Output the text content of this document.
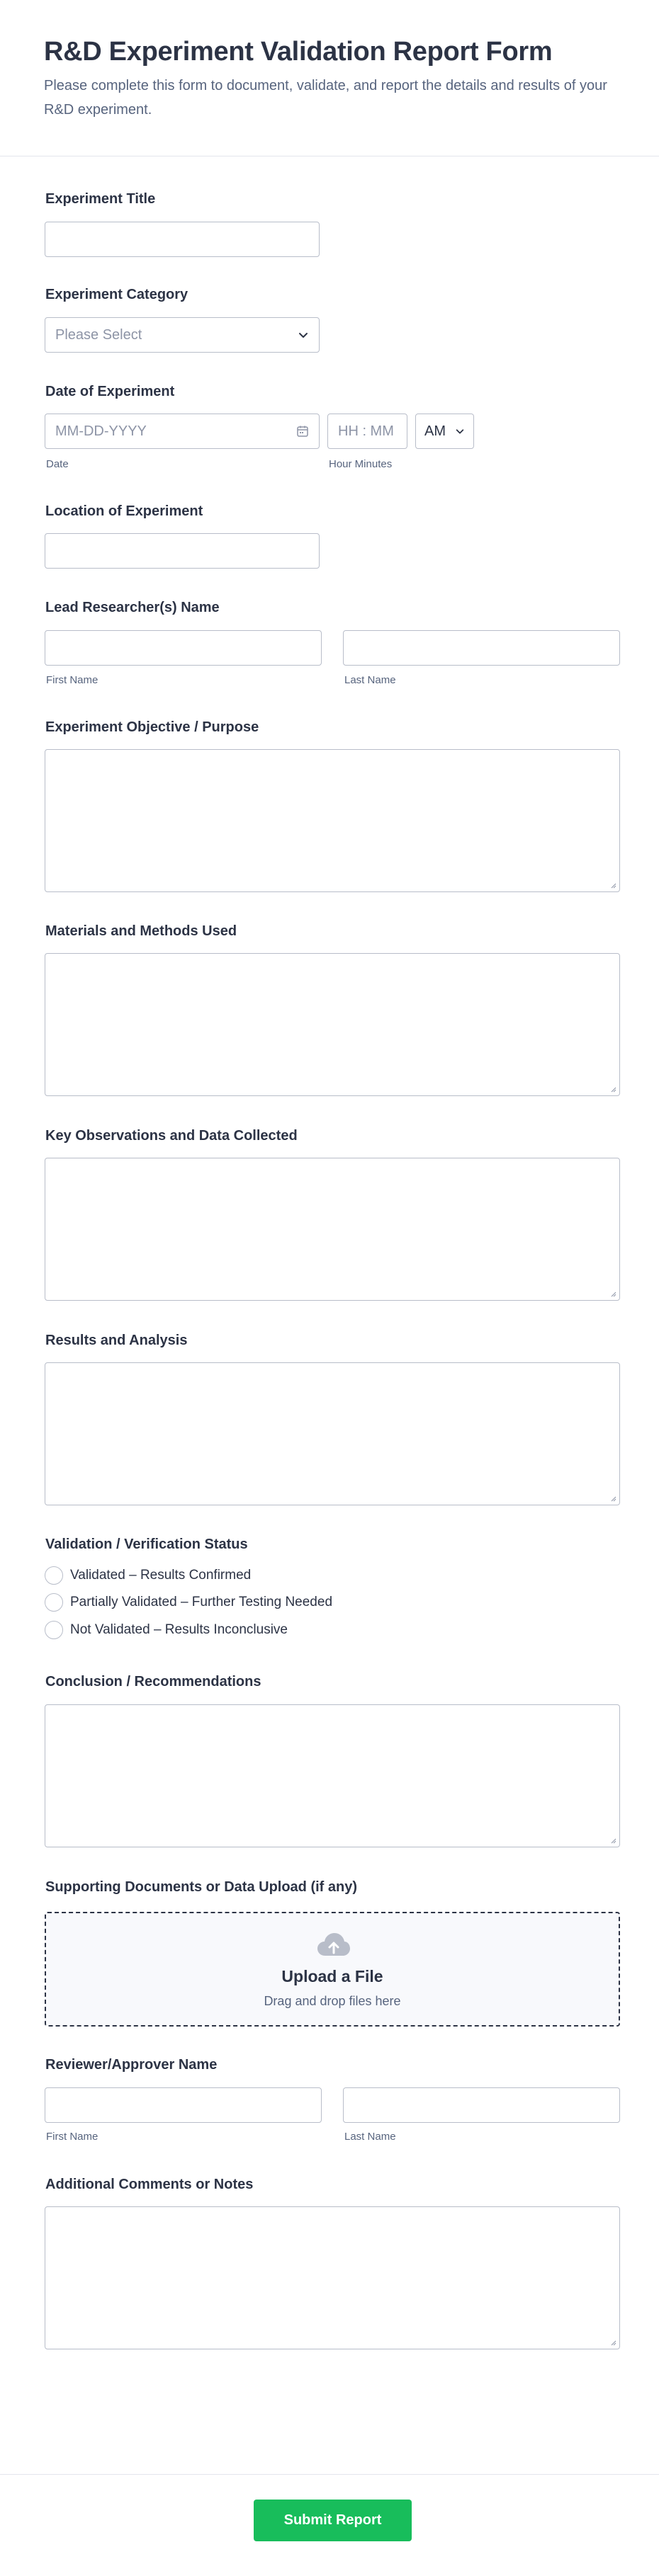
R&D Experiment Validation Report Form
Please complete this form to document, validate, and report the details and results of your R&D experiment.
Experiment Title
Experiment Category
Please Select
Date of Experiment
MM-DD-YYYY
Date
HH : MM
Hour Minutes
AM
Location of Experiment
Lead Researcher(s) Name
First Name	Last Name
Experiment Objective / Purpose
Materials and Methods Used
Key Observations and Data Collected
Results and Analysis
Validation / Verification Status
Validated – Results Confirmed
Partially Validated – Further Testing Needed
Not Validated – Results Inconclusive
Conclusion / Recommendations
Supporting Documents or Data Upload (if any)
Upload a File
Drag and drop files here
Reviewer/Approver Name
First Name	Last Name
Additional Comments or Notes
Submit Report
